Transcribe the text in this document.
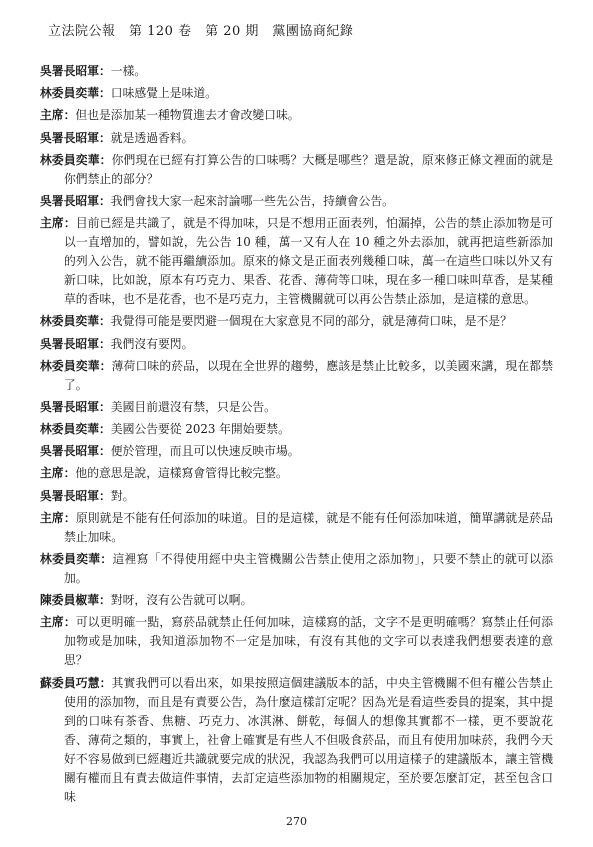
立法院公報　第 120 卷　第 20 期　黨團協商紀錄

吳署長昭軍：一樣。

林委員奕華：口味感覺上是味道。

主席：但也是添加某一種物質進去才會改變口味。

吳署長昭軍：就是透過香料。

林委員奕華：你們現在已經有打算公告的口味嗎？大概是哪些？還是說，原來修正條文裡面的就是你們禁止的部分？

吳署長昭軍：我們會找大家一起來討論哪一些先公告，持續會公告。

主席：目前已經是共識了，就是不得加味，只是不想用正面表列，怕漏掉，公告的禁止添加物是可以一直增加的，譬如說，先公告 10 種，萬一又有人在 10 種之外去添加，就再把這些新添加的列入公告，就不能再繼續添加。原來的條文是正面表列幾種口味，萬一在這些口味以外又有新口味，比如說，原本有巧克力、果香、花香、薄荷等口味，現在多一種口味叫草香，是某種草的香味，也不是花香，也不是巧克力，主管機關就可以再公告禁止添加，是這樣的意思。

林委員奕華：我覺得可能是要閃避一個現在大家意見不同的部分，就是薄荷口味，是不是？

吳署長昭軍：我們沒有要閃。

林委員奕華：薄荷口味的菸品，以現在全世界的趨勢，應該是禁止比較多，以美國來講，現在都禁了。

吳署長昭軍：美國目前還沒有禁，只是公告。

林委員奕華：美國公告要從 2023 年開始要禁。

吳署長昭軍：便於管理，而且可以快速反映市場。

主席：他的意思是說，這樣寫會管得比較完整。

吳署長昭軍：對。

主席：原則就是不能有任何添加的味道。目的是這樣，就是不能有任何添加味道，簡單講就是菸品禁止加味。

林委員奕華：這裡寫「不得使用經中央主管機關公告禁止使用之添加物」，只要不禁止的就可以添加。

陳委員椒華：對呀，沒有公告就可以啊。

主席：可以更明確一點，寫菸品就禁止任何加味，這樣寫的話，文字不是更明確嗎？寫禁止任何添加物或是加味，我知道添加物不一定是加味，有沒有其他的文字可以表達我們想要表達的意思？

蘇委員巧慧：其實我們可以看出來，如果按照這個建議版本的話，中央主管機關不但有權公告禁止使用的添加物，而且是有責要公告，為什麼這樣訂定呢？因為光是看這些委員的提案，其中提到的口味有茶香、焦糖、巧克力、冰淇淋、餅乾，每個人的想像其實都不一樣，更不要說花香、薄荷之類的，事實上，社會上確實是有些人不但吸食菸品，而且有使用加味菸，我們今天好不容易做到已經趨近共識就要完成的狀況，我認為我們可以用這樣子的建議版本，讓主管機關有權而且有責去做這件事情，去訂定這些添加物的相關規定，至於要怎麼訂定，甚至包含口味

270
